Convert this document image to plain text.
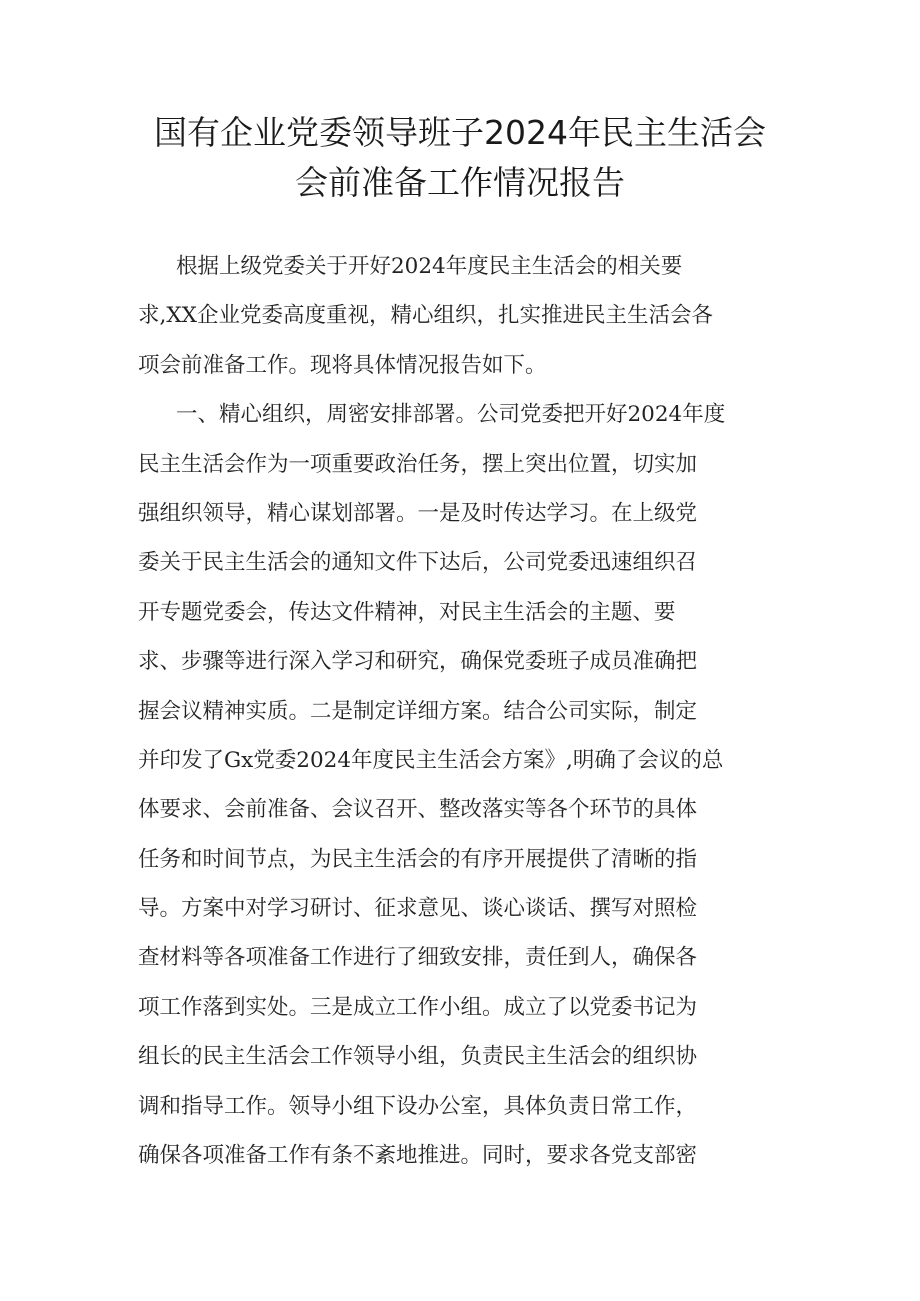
国有企业党委领导班子2024年民主生活会
会前准备工作情况报告
根据上级党委关于开好2024年度民主生活会的相关要
求,XX企业党委高度重视，精心组织，扎实推进民主生活会各
项会前准备工作。现将具体情况报告如下。
一、精心组织，周密安排部署。公司党委把开好2024年度
民主生活会作为一项重要政治任务，摆上突出位置，切实加
强组织领导，精心谋划部署。一是及时传达学习。在上级党
委关于民主生活会的通知文件下达后，公司党委迅速组织召
开专题党委会，传达文件精神，对民主生活会的主题、要
求、步骤等进行深入学习和研究，确保党委班子成员准确把
握会议精神实质。二是制定详细方案。结合公司实际，制定
并印发了Gx党委2024年度民主生活会方案》,明确了会议的总
体要求、会前准备、会议召开、整改落实等各个环节的具体
任务和时间节点，为民主生活会的有序开展提供了清晰的指
导。方案中对学习研讨、征求意见、谈心谈话、撰写对照检
查材料等各项准备工作进行了细致安排，责任到人，确保各
项工作落到实处。三是成立工作小组。成立了以党委书记为
组长的民主生活会工作领导小组，负责民主生活会的组织协
调和指导工作。领导小组下设办公室，具体负责日常工作，
确保各项准备工作有条不紊地推进。同时，要求各党支部密
